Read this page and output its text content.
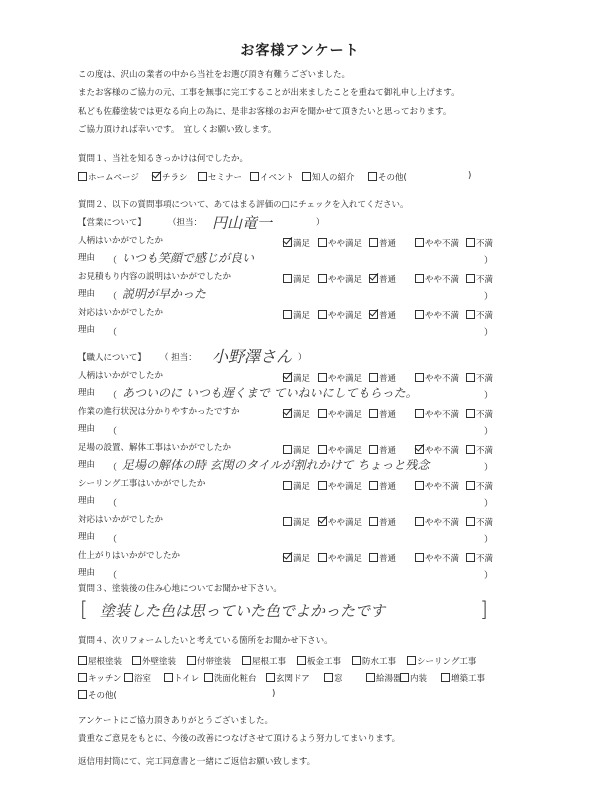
お客様アンケート
この度は、沢山の業者の中から当社をお選び頂き有難うございました。
またお客様のご協力の元、工事を無事に完工することが出来ましたことを重ねて御礼申し上げます。
私ども佐藤塗装では更なる向上の為に、是非お客様のお声を聞かせて頂きたいと思っております。
ご協力頂ければ幸いです。　宜しくお願い致します。
質問１、当社を知るきっかけは何でしたか。
ホームページ	チラシ	セミナー	イベント	知人の紹介	その他(	)
質問２、以下の質問事項について、あてはまる評価の□にチェックを入れてください。
【営業について】	（担当： 円山竜一	）
人柄はいかがでしたか	満足	やや満足	普通	やや不満	不満
理由 （ いつも笑顔で感じが良い	）
お見積もり内容の説明はいかがでしたか	満足	やや満足	普通	やや不満	不満
理由 （ 説明が早かった	）
対応はいかがでしたか	満足	やや満足	普通	やや不満	不満
理由 （	）
【職人について】 （ 担当： 小野澤さん ）
人柄はいかがでしたか	満足	やや満足	普通	やや不満	不満
理由 （ あついのに いつも遅くまで ていねいにしてもらった。	）
作業の進行状況は分かりやすかったですか	満足	やや満足	普通	やや不満	不満
理由 （	）
足場の設置、解体工事はいかがでしたか	満足	やや満足	普通	やや不満	不満
理由 （ 足場の解体の時 玄関のタイルが割れかけて ちょっと残念	）
シーリング工事はいかがでしたか	満足	やや満足	普通	やや不満	不満
理由 （	）
対応はいかがでしたか	満足	やや満足	普通	やや不満	不満
理由 （	）
仕上がりはいかがでしたか	満足	やや満足	普通	やや不満	不満
理由 （	）
質問３、塗装後の住み心地についてお聞かせ下さい。
[ 塗装した色は思っていた色でよかったです	]
質問４、次リフォームしたいと考えている箇所をお聞かせ下さい。
屋根塗装	外壁塗装	付帯塗装	屋根工事	板金工事	防水工事	シーリング工事
キッチン	浴室	トイレ	洗面化粧台	玄関ドア	窓	給湯器 内装	増築工事
その他(	)
アンケートにご協力頂きありがとうございました。
貴重なご意見をもとに、今後の改善につなげさせて頂けるよう努力してまいります。
返信用封筒にて、完工同意書と一緒にご返信お願い致します。
